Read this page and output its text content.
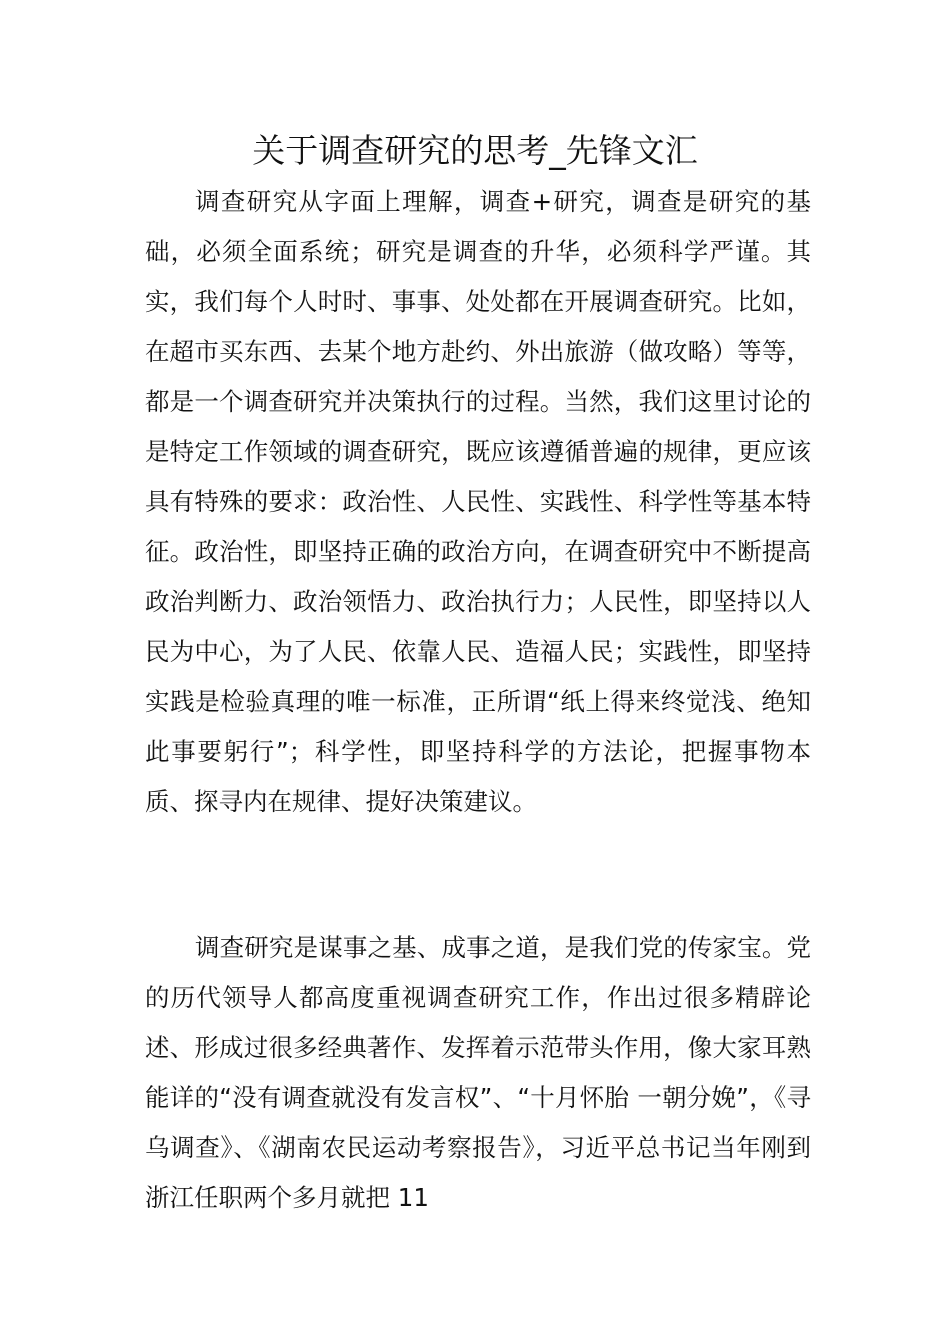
关于调查研究的思考_先锋文汇

调查研究从字面上理解，调查+研究，调查是研究的基础，必须全面系统；研究是调查的升华，必须科学严谨。其实，我们每个人时时、事事、处处都在开展调查研究。比如，在超市买东西、去某个地方赴约、外出旅游（做攻略）等等，都是一个调查研究并决策执行的过程。当然，我们这里讨论的是特定工作领域的调查研究，既应该遵循普遍的规律，更应该具有特殊的要求：政治性、人民性、实践性、科学性等基本特征。政治性，即坚持正确的政治方向，在调查研究中不断提高政治判断力、政治领悟力、政治执行力；人民性，即坚持以人民为中心，为了人民、依靠人民、造福人民；实践性，即坚持实践是检验真理的唯一标准，正所谓“纸上得来终觉浅、绝知此事要躬行”；科学性，即坚持科学的方法论，把握事物本质、探寻内在规律、提好决策建议。

调查研究是谋事之基、成事之道，是我们党的传家宝。党的历代领导人都高度重视调查研究工作，作出过很多精辟论述、形成过很多经典著作、发挥着示范带头作用，像大家耳熟能详的“没有调查就没有发言权”、“十月怀胎 一朝分娩”，《寻乌调查》、《湖南农民运动考察报告》，习近平总书记当年刚到浙江任职两个多月就把 11
